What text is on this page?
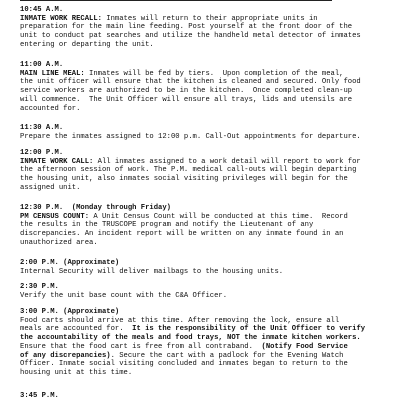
10:45 A.M.
INMATE WORK RECALL: Inmates will return to their appropriate units in
preparation for the main line feeding. Post yourself at the front door of the
unit to conduct pat searches and utilize the handheld metal detector of inmates
entering or departing the unit.
11:00 A.M.
MAIN LINE MEAL: Inmates will be fed by tiers.  Upon completion of the meal,
the unit officer will ensure that the kitchen is cleaned and secured. Only food
service workers are authorized to be in the kitchen.  Once completed clean-up
will commence.  The Unit Officer will ensure all trays, lids and utensils are
accounted for.
11:30 A.M.
Prepare the inmates assigned to 12:00 p.m. Call-Out appointments for departure.
12:00 P.M.
INMATE WORK CALL: All inmates assigned to a work detail will report to work for
the afternoon session of work. The P.M. medical call-outs will begin departing
the housing unit, also inmates social visiting privileges will begin for the
assigned unit.
12:30 P.M.  (Monday through Friday)
PM CENSUS COUNT: A Unit Census Count will be conducted at this time.  Record
the results in the TRUSCOPE program and notify the Lieutenant of any
discrepancies. An incident report will be written on any inmate found in an
unauthorized area.
2:00 P.M. (Approximate)
Internal Security will deliver mailbags to the housing units.
2:30 P.M.
Verify the unit base count with the C&A Officer.
3:00 P.M. (Approximate)
Food carts should arrive at this time. After removing the lock, ensure all
meals are accounted for.  It is the responsibility of the Unit Officer to verify
the accountability of the meals and food trays, NOT the inmate kitchen workers.
Ensure that the food cart is free from all contraband.  (Notify Food Service
of any discrepancies). Secure the cart with a padlock for the Evening Watch
Officer. Inmate social visiting concluded and inmates began to return to the
housing unit at this time.
3:45 P.M.
